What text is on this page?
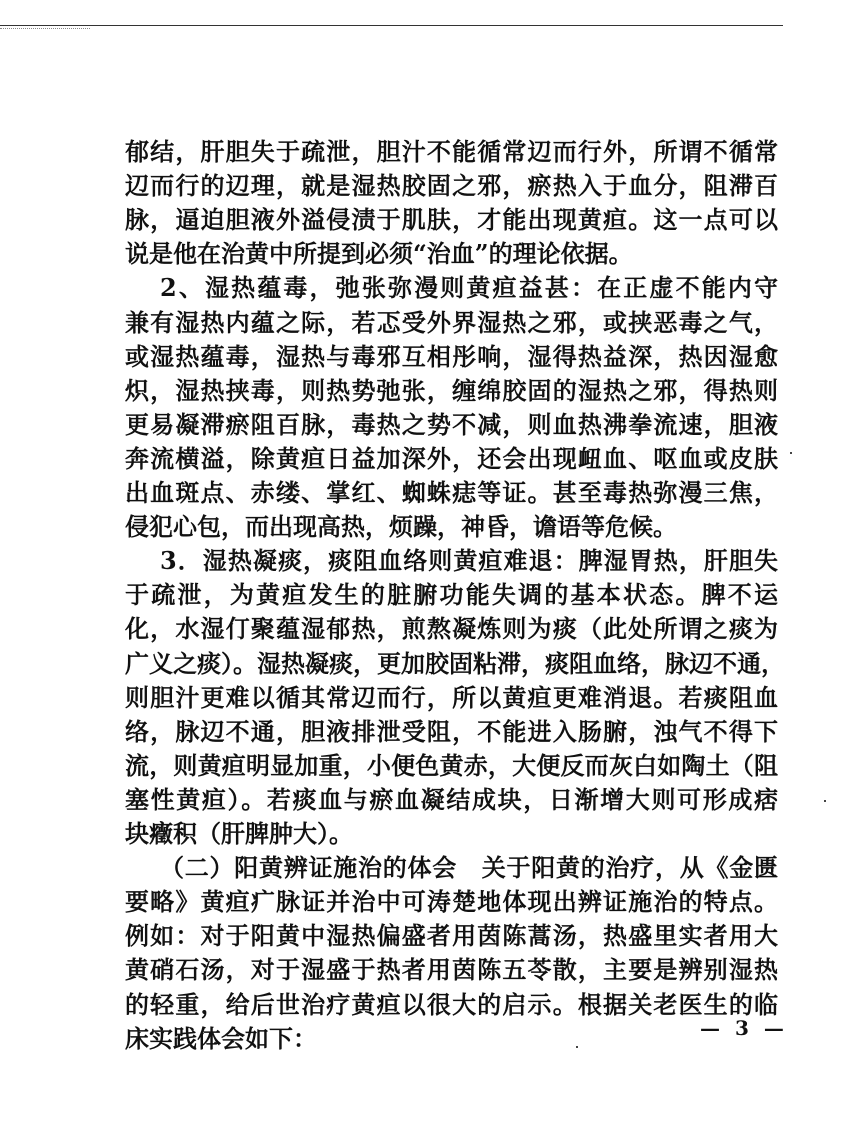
郁结，肝胆失于疏泄，胆汁不能循常辺而行外，所谓不循常
辺而行的辺理，就是湿热胶固之邪，瘀热入于血分，阻滞百
脉，逼迫胆液外溢侵渍于肌肤，才能出现黄疸。这一点可以
说是他在治黄中所提到必须“治血”的理论依据。
2、湿热蕴毒，弛张弥漫则黄疸益甚：在正虚不能内守
兼有湿热内蕴之际，若忑受外界湿热之邪，或挟恶毒之气，
或湿热蕴毒，湿热与毒邪互相彤响，湿得热益深，热因湿愈
炽，湿热挟毒，则热势弛张，缠绵胶固的湿热之邪，得热则
更易凝滞瘀阻百脉，毒热之势不减，则血热沸拳流速，胆液
奔流横溢，除黄疸日益加深外，还会出现衄血、呕血或皮肤
出血斑点、赤缕、掌红、蜘蛛痣等证。甚至毒热弥漫三焦，
侵犯心包，而出现高热，烦躁，神昏，谵语等危候。
3．湿热凝痰，痰阻血络则黄疸难退：脾湿胃热，肝胆失
于疏泄，为黄疸发生的脏腑功能失调的基本状态。脾不运
化，水湿仃聚蕴湿郁热，煎熬凝炼则为痰（此处所谓之痰为
广义之痰）。湿热凝痰，更加胶固粘滞，痰阻血络，脉辺不通，
则胆汁更难以循其常辺而行，所以黄疸更难消退。若痰阻血
络，脉辺不通，胆液排泄受阻，不能进入肠腑，浊气不得下
流，则黄疸明显加重，小便色黄赤，大便反而灰白如陶土（阻
塞性黄疸）。若痰血与瘀血凝结成块，日渐增大则可形成痞
块癥积（肝脾肿大）。
（二）阳黄辨证施治的体会　关于阳黄的治疗，从《金匮
要略》黄疸疒脉证并治中可涛楚地体现出辨证施治的特点。
例如：对于阳黄中湿热偏盛者用茵陈蒿汤，热盛里实者用大
黄硝石汤，对于湿盛于热者用茵陈五苓散，主要是辨别湿热
的轻重，给后世治疗黄疸以很大的启示。根据关老医生的临
床实践体会如下：	— 3 —
